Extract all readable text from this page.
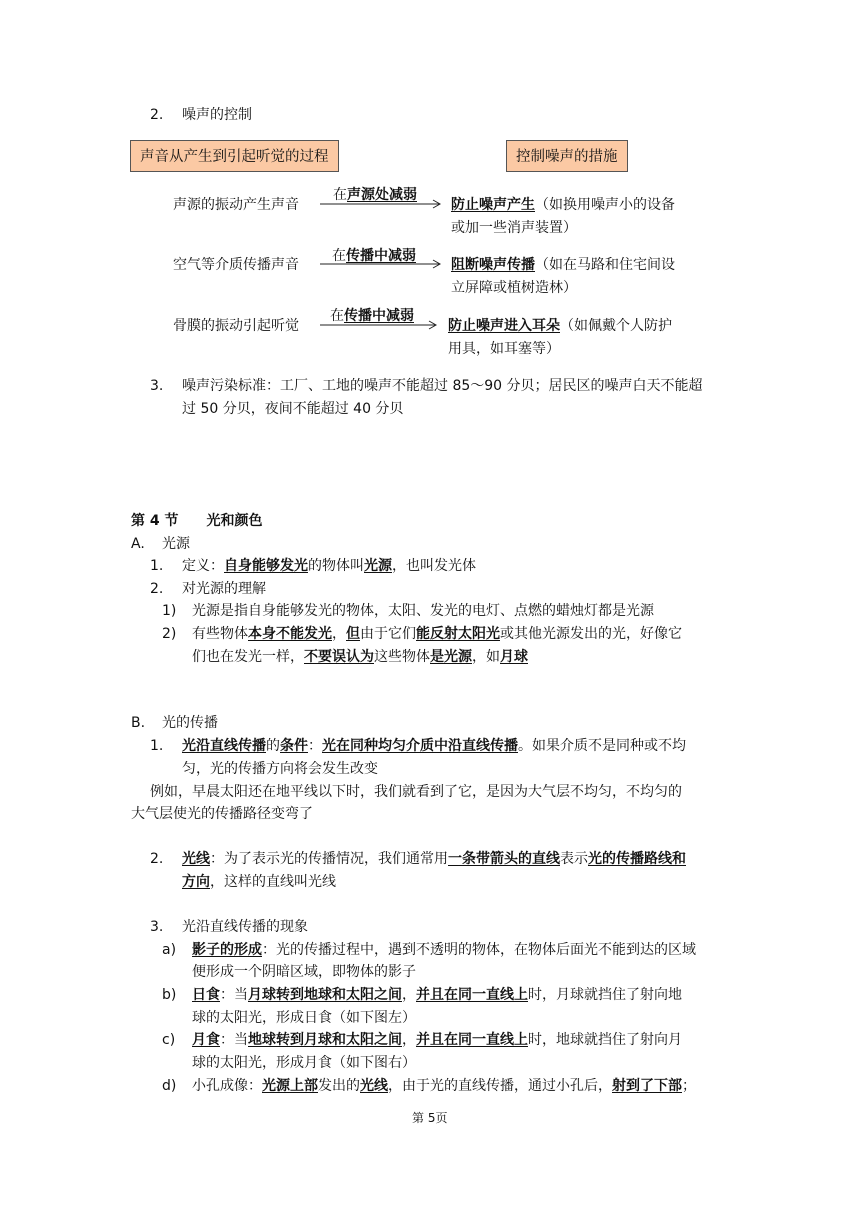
2. 噪声的控制
声音从产生到引起听觉的过程	控制噪声的措施
声源的振动产生声音
在声源处减弱
防止噪声产生（如换用噪声小的设备
或加一些消声装置）
空气等介质传播声音
在传播中减弱
阻断噪声传播（如在马路和住宅间设
立屏障或植树造林）
骨膜的振动引起听觉
在传播中减弱
防止噪声进入耳朵（如佩戴个人防护
用具，如耳塞等）
3. 噪声污染标准：工厂、工地的噪声不能超过 85～90 分贝；居民区的噪声白天不能超
过 50 分贝，夜间不能超过 40 分贝
第 4 节　　光和颜色
A. 光源
1. 定义：自身能够发光的物体叫光源，也叫发光体
2. 对光源的理解
1) 光源是指自身能够发光的物体，太阳、发光的电灯、点燃的蜡烛灯都是光源
2) 有些物体本身不能发光，但由于它们能反射太阳光或其他光源发出的光，好像它
们也在发光一样，不要误认为这些物体是光源，如月球
B. 光的传播
1. 光沿直线传播的条件：光在同种均匀介质中沿直线传播。如果介质不是同种或不均
匀，光的传播方向将会发生改变
例如，早晨太阳还在地平线以下时，我们就看到了它，是因为大气层不均匀，不均匀的
大气层使光的传播路径变弯了
2. 光线：为了表示光的传播情况，我们通常用一条带箭头的直线表示光的传播路线和
方向，这样的直线叫光线
3. 光沿直线传播的现象
a) 影子的形成：光的传播过程中，遇到不透明的物体，在物体后面光不能到达的区域
便形成一个阴暗区域，即物体的影子
b) 日食：当月球转到地球和太阳之间，并且在同一直线上时，月球就挡住了射向地
球的太阳光，形成日食（如下图左）
c) 月食：当地球转到月球和太阳之间，并且在同一直线上时，地球就挡住了射向月
球的太阳光，形成月食（如下图右）
d) 小孔成像：光源上部发出的光线，由于光的直线传播，通过小孔后，射到了下部；
第 5页
